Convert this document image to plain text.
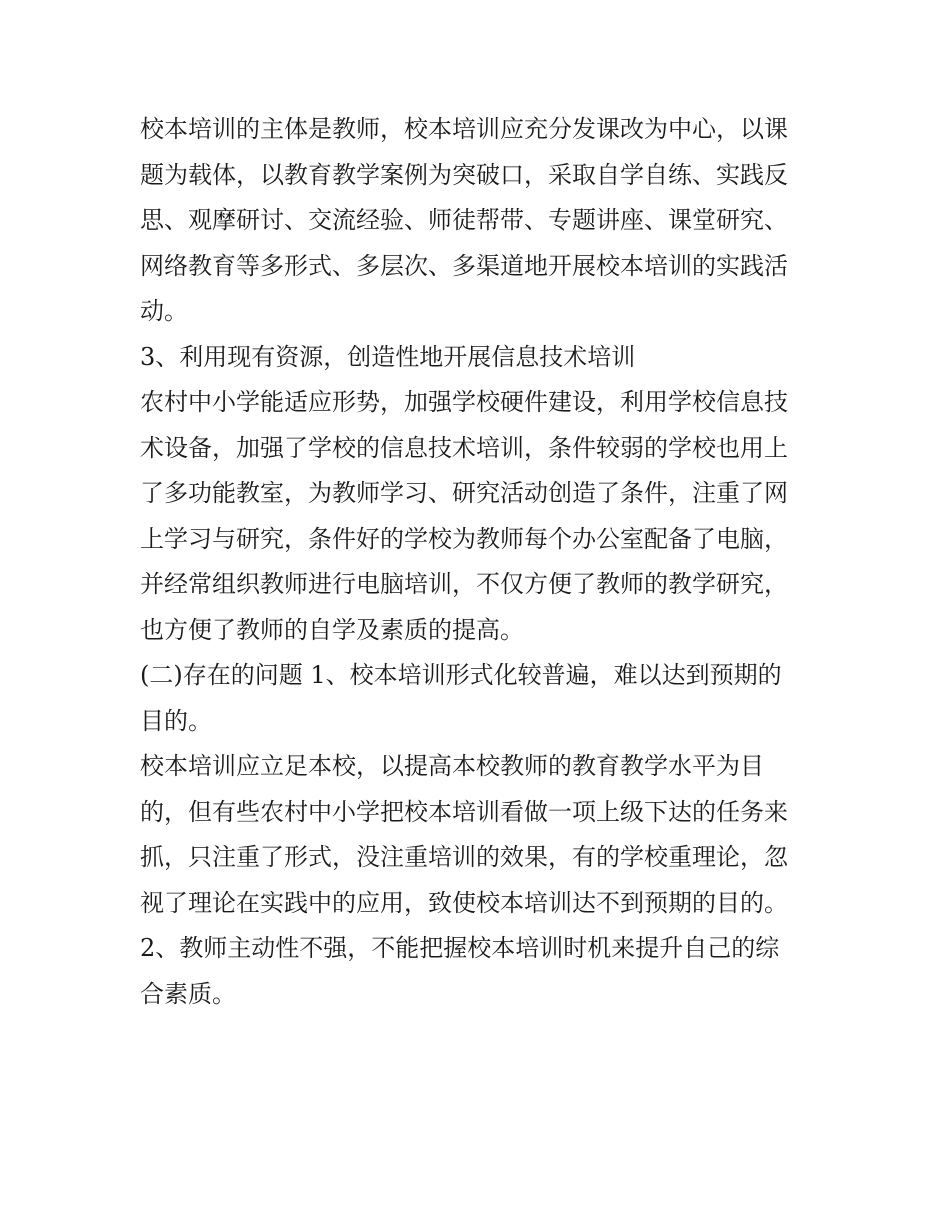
校本培训的主体是教师，校本培训应充分发课改为中心，以课

题为载体，以教育教学案例为突破口，采取自学自练、实践反

思、观摩研讨、交流经验、师徒帮带、专题讲座、课堂研究、

网络教育等多形式、多层次、多渠道地开展校本培训的实践活

动。

3、利用现有资源，创造性地开展信息技术培训

农村中小学能适应形势，加强学校硬件建设，利用学校信息技

术设备，加强了学校的信息技术培训，条件较弱的学校也用上

了多功能教室，为教师学习、研究活动创造了条件，注重了网

上学习与研究，条件好的学校为教师每个办公室配备了电脑，

并经常组织教师进行电脑培训，不仅方便了教师的教学研究，

也方便了教师的自学及素质的提高。

(二)存在的问题 1、校本培训形式化较普遍，难以达到预期的

目的。

校本培训应立足本校，以提高本校教师的教育教学水平为目

的，但有些农村中小学把校本培训看做一项上级下达的任务来

抓，只注重了形式，没注重培训的效果，有的学校重理论，忽

视了理论在实践中的应用，致使校本培训达不到预期的目的。

2、教师主动性不强，不能把握校本培训时机来提升自己的综

合素质。
